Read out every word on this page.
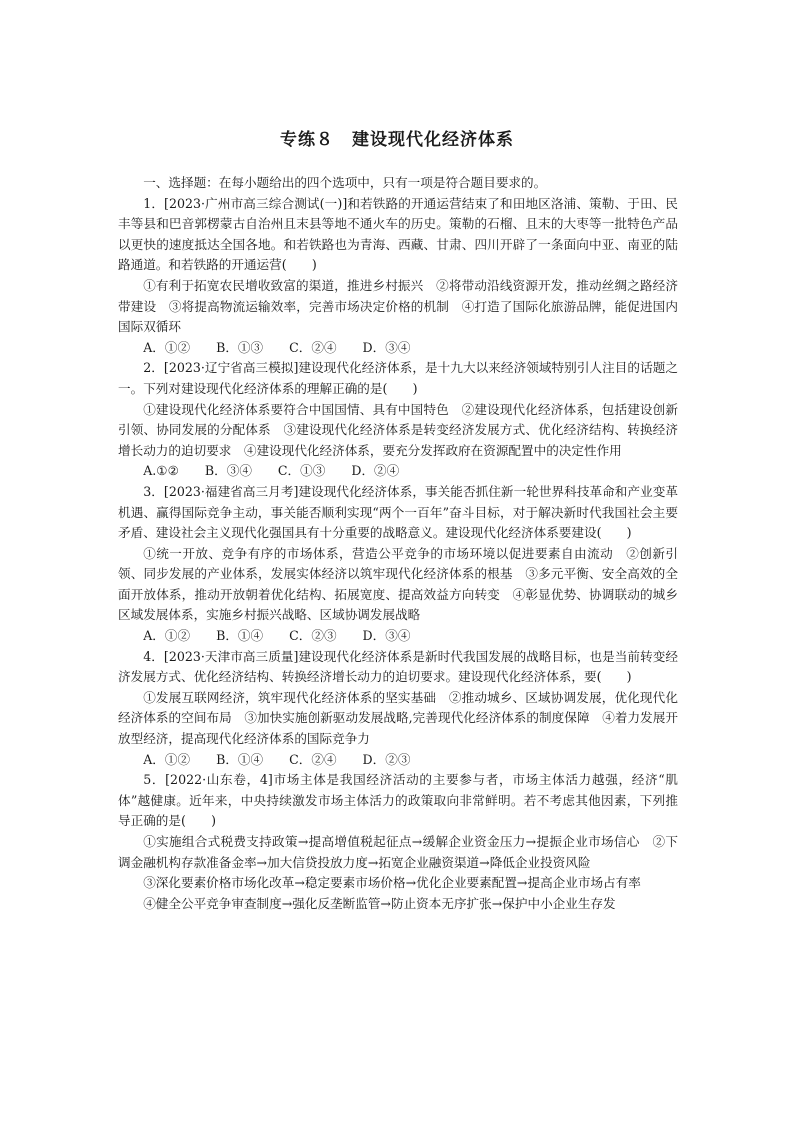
专练８　建设现代化经济体系

一、选择题：在每小题给出的四个选项中，只有一项是符合题目要求的。

1．[2023·广州市高三综合测试(一)]和若铁路的开通运营结束了和田地区洛浦、策勒、于田、民丰等县和巴音郭楞蒙古自治州且末县等地不通火车的历史。策勒的石榴、且末的大枣等一批特色产品以更快的速度抵达全国各地。和若铁路也为青海、西藏、甘肃、四川开辟了一条面向中亚、南亚的陆路通道。和若铁路的开通运营(　　)

①有利于拓宽农民增收致富的渠道，推进乡村振兴　②将带动沿线资源开发，推动丝绸之路经济带建设　③将提高物流运输效率，完善市场决定价格的机制　④打造了国际化旅游品牌，能促进国内国际双循环

A．①② B．①③ C．②④ D．③④

2．[2023·辽宁省高三模拟]建设现代化经济体系，是十九大以来经济领域特别引人注目的话题之一。下列对建设现代化经济体系的理解正确的是(　　)

①建设现代化经济体系要符合中国国情、具有中国特色　②建设现代化经济体系，包括建设创新引领、协同发展的分配体系　③建设现代化经济体系是转变经济发展方式、优化经济结构、转换经济增长动力的迫切要求　④建设现代化经济体系，要充分发挥政府在资源配置中的决定性作用

A.①② B．③④ C．①③ D．②④

3．[2023·福建省高三月考]建设现代化经济体系，事关能否抓住新一轮世界科技革命和产业变革机遇、赢得国际竞争主动，事关能否顺利实现“两个一百年”奋斗目标，对于解决新时代我国社会主要矛盾、建设社会主义现代化强国具有十分重要的战略意义。建设现代化经济体系要建设(　　)

①统一开放、竞争有序的市场体系，营造公平竞争的市场环境以促进要素自由流动　②创新引领、同步发展的产业体系，发展实体经济以筑牢现代化经济体系的根基　③多元平衡、安全高效的全面开放体系，推动开放朝着优化结构、拓展宽度、提高效益方向转变　④彰显优势、协调联动的城乡区域发展体系，实施乡村振兴战略、区域协调发展战略

A．①② B．①④ C．②③ D．③④

4．[2023·天津市高三质量]建设现代化经济体系是新时代我国发展的战略目标，也是当前转变经济发展方式、优化经济结构、转换经济增长动力的迫切要求。建设现代化经济体系，要(　　)

①发展互联网经济，筑牢现代化经济体系的坚实基础　②推动城乡、区域协调发展，优化现代化经济体系的空间布局　③加快实施创新驱动发展战略,完善现代化经济体系的制度保障　④着力发展开放型经济，提高现代化经济体系的国际竞争力

A．①② B．①④ C．②④ D．②③

5．[2022·山东卷，4]市场主体是我国经济活动的主要参与者，市场主体活力越强，经济“肌体”越健康。近年来，中央持续激发市场主体活力的政策取向非常鲜明。若不考虑其他因素，下列推导正确的是(　　)

①实施组合式税费支持政策→提高增值税起征点→缓解企业资金压力→提振企业市场信心　②下调金融机构存款准备金率→加大信贷投放力度→拓宽企业融资渠道→降低企业投资风险

③深化要素价格市场化改革→稳定要素市场价格→优化企业要素配置→提高企业市场占有率

④健全公平竞争审查制度→强化反垄断监管→防止资本无序扩张→保护中小企业生存发
